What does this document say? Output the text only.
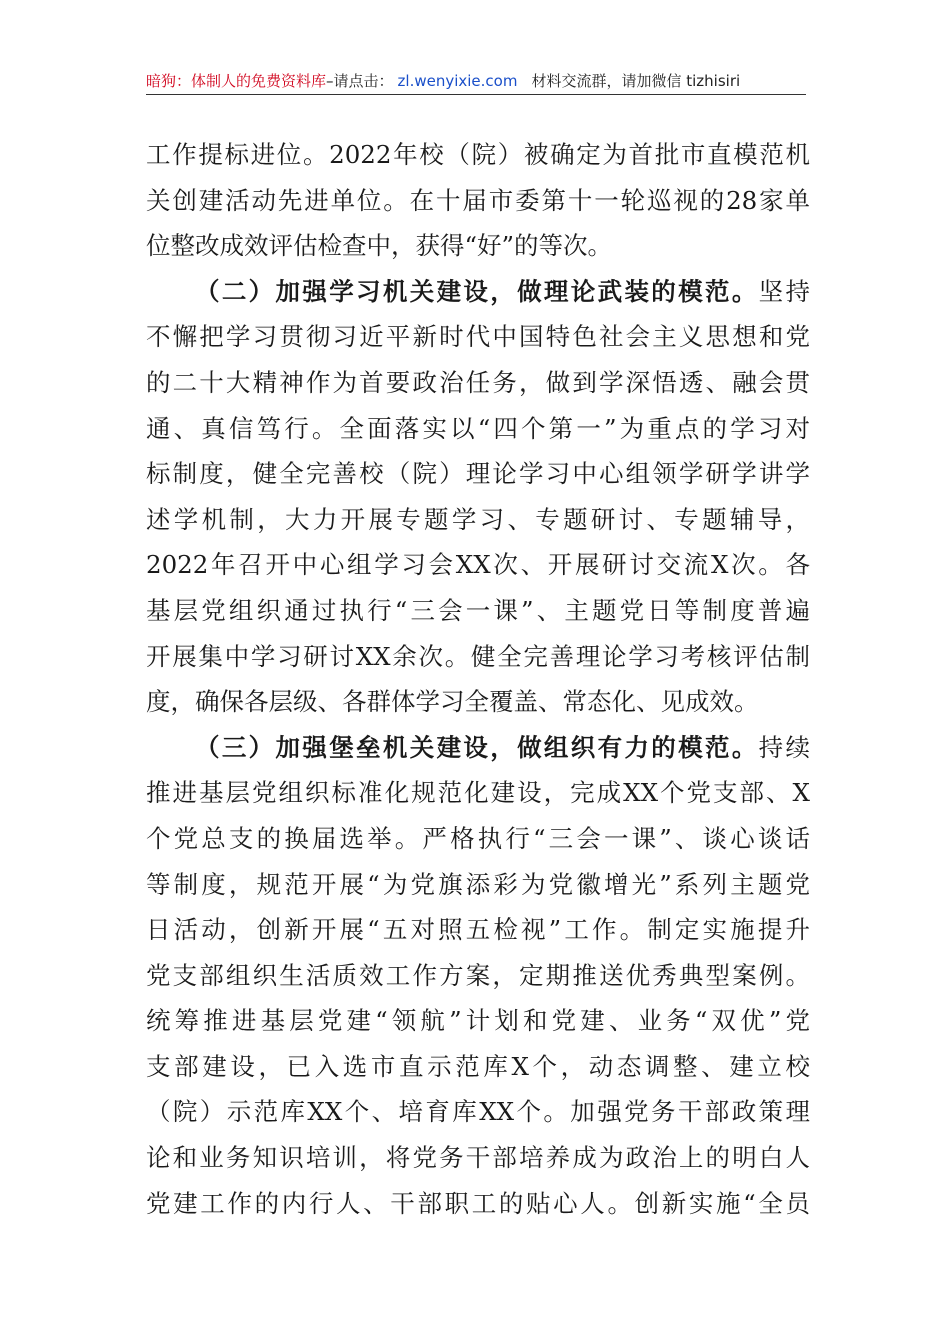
暗狗：体制人的免费资料库–请点击： zl.wenyixie.com 材料交流群，请加微信 tizhisiri
工作提标进位。2022年校（院）被确定为首批市直模范机
关创建活动先进单位。在十届市委第十一轮巡视的28家单
位整改成效评估检查中，获得“好”的等次。
（二）加强学习机关建设，做理论武装的模范。坚持
不懈把学习贯彻习近平新时代中国特色社会主义思想和党
的二十大精神作为首要政治任务，做到学深悟透、融会贯
通、真信笃行。全面落实以“四个第一”为重点的学习对
标制度，健全完善校（院）理论学习中心组领学研学讲学
述学机制，大力开展专题学习、专题研讨、专题辅导，
2022年召开中心组学习会XX次、开展研讨交流X次。各
基层党组织通过执行“三会一课”、主题党日等制度普遍
开展集中学习研讨XX余次。健全完善理论学习考核评估制
度，确保各层级、各群体学习全覆盖、常态化、见成效。
（三）加强堡垒机关建设，做组织有力的模范。持续
推进基层党组织标准化规范化建设，完成XX个党支部、X
个党总支的换届选举。严格执行“三会一课”、谈心谈话
等制度，规范开展“为党旗添彩为党徽增光”系列主题党
日活动，创新开展“五对照五检视”工作。制定实施提升
党支部组织生活质效工作方案，定期推送优秀典型案例。
统筹推进基层党建“领航”计划和党建、业务“双优”党
支部建设，已入选市直示范库X个，动态调整、建立校
（院）示范库XX个、培育库XX个。加强党务干部政策理
论和业务知识培训，将党务干部培养成为政治上的明白人
党建工作的内行人、干部职工的贴心人。创新实施“全员
